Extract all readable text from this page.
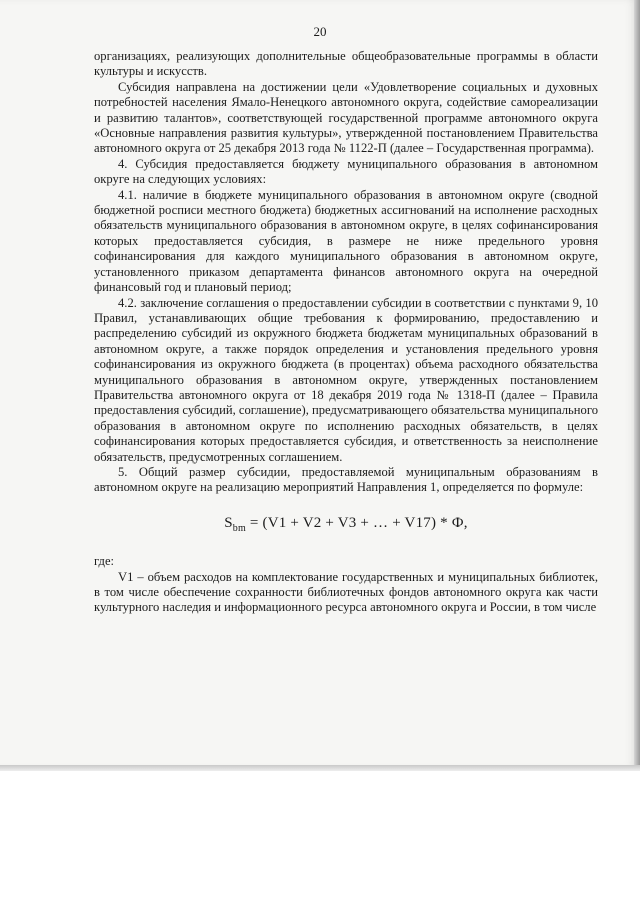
20

организациях, реализующих дополнительные общеобразовательные программы в области культуры и искусств.

Субсидия направлена на достижении цели «Удовлетворение социальных и духовных потребностей населения Ямало-Ненецкого автономного округа, содействие самореализации и развитию талантов», соответствующей государственной программе автономного округа «Основные направления развития культуры», утвержденной постановлением Правительства автономного округа от 25 декабря 2013 года № 1122-П (далее – Государственная программа).

4. Субсидия предоставляется бюджету муниципального образования в автономном округе на следующих условиях:

4.1. наличие в бюджете муниципального образования в автономном округе (сводной бюджетной росписи местного бюджета) бюджетных ассигнований на исполнение расходных обязательств муниципального образования в автономном округе, в целях софинансирования которых предоставляется субсидия, в размере не ниже предельного уровня софинансирования для каждого муниципального образования в автономном округе, установленного приказом департамента финансов автономного округа на очередной финансовый год и плановый период;

4.2. заключение соглашения о предоставлении субсидии в соответствии с пунктами 9, 10 Правил, устанавливающих общие требования к формированию, предоставлению и распределению субсидий из окружного бюджета бюджетам муниципальных образований в автономном округе, а также порядок определения и установления предельного уровня софинансирования из окружного бюджета (в процентах) объема расходного обязательства муниципального образования в автономном округе, утвержденных постановлением Правительства автономного округа от 18 декабря 2019 года № 1318-П (далее – Правила предоставления субсидий, соглашение), предусматривающего обязательства муниципального образования в автономном округе по исполнению расходных обязательств, в целях софинансирования которых предоставляется субсидия, и ответственность за неисполнение обязательств, предусмотренных соглашением.

5. Общий размер субсидии, предоставляемой муниципальным образованиям в автономном округе на реализацию мероприятий Направления 1, определяется по формуле:

$S_{bm} = (V1 + V2 + V3$ + … + V17) * Ф,

где:

V1 – объем расходов на комплектование государственных и муниципальных библиотек, в том числе обеспечение сохранности библиотечных фондов автономного округа как части культурного наследия и информационного ресурса автономного округа и России, в том числе
